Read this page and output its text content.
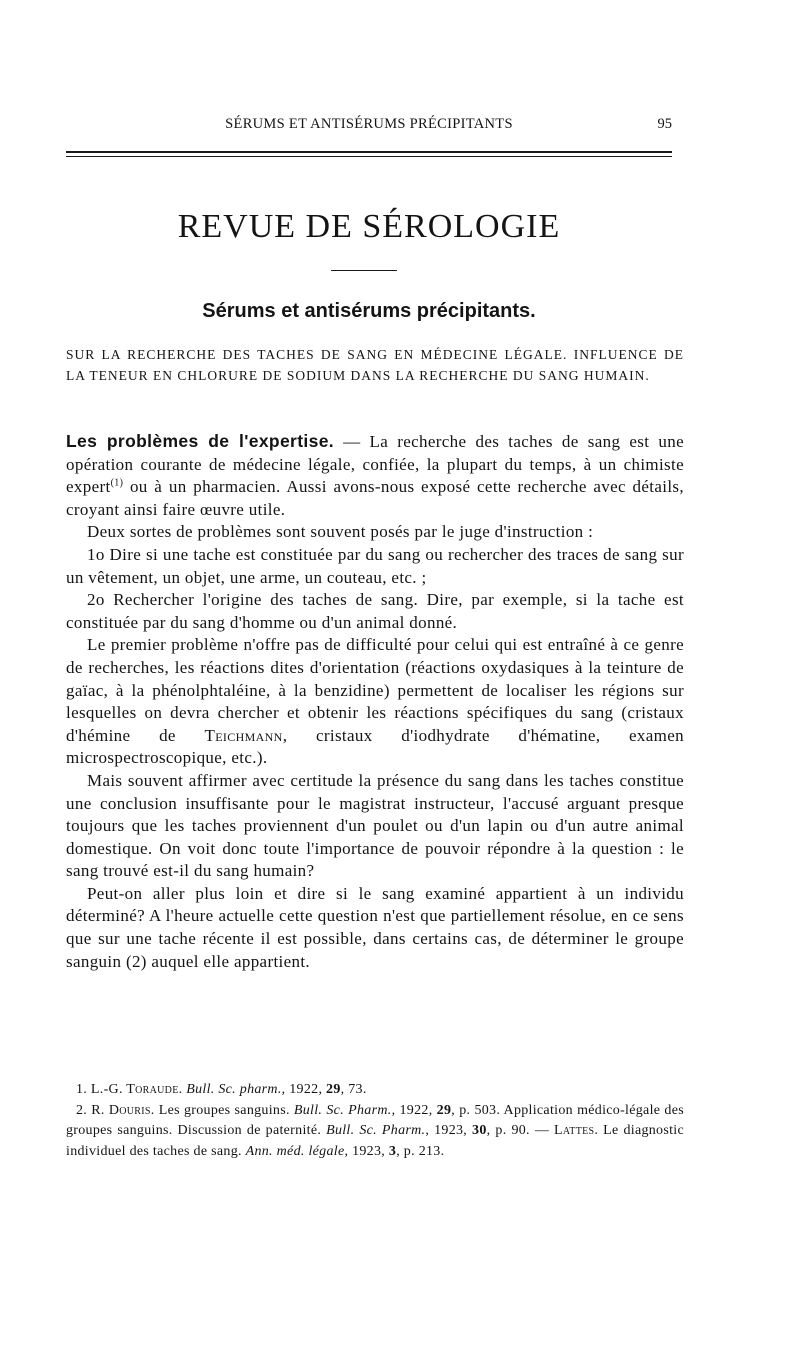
SÉRUMS ET ANTISÉRUMS PRÉCIPITANTS	95
REVUE DE SÉROLOGIE
Sérums et antisérums précipitants.
SUR LA RECHERCHE DES TACHES DE SANG EN MÉDECINE LÉGALE. INFLUENCE DE LA TENEUR EN CHLORURE DE SODIUM DANS LA RECHERCHE DU SANG HUMAIN.

Les problèmes de l'expertise. — La recherche des taches de sang est une opération courante de médecine légale, confiée, la plupart du temps, à un chimiste expert$^{(1)}$ ou à un pharmacien. Aussi avons-nous exposé cette recherche avec détails, croyant ainsi faire œuvre utile.

Deux sortes de problèmes sont souvent posés par le juge d'instruction :

1o Dire si une tache est constituée par du sang ou rechercher des traces de sang sur un vêtement, un objet, une arme, un couteau, etc. ;

2o Rechercher l'origine des taches de sang. Dire, par exemple, si la tache est constituée par du sang d'homme ou d'un animal donné.

Le premier problème n'offre pas de difficulté pour celui qui est entraîné à ce genre de recherches, les réactions dites d'orientation (réactions oxydasiques à la teinture de gaïac, à la phénolphtaléine, à la benzidine) permettent de localiser les régions sur lesquelles on devra chercher et obtenir les réactions spécifiques du sang (cristaux d'hémine de Teichmann, cristaux d'iodhydrate d'hématine, examen microspectroscopique, etc.).

Mais souvent affirmer avec certitude la présence du sang dans les taches constitue une conclusion insuffisante pour le magistrat instructeur, l'accusé arguant presque toujours que les taches proviennent d'un poulet ou d'un lapin ou d'un autre animal domestique. On voit donc toute l'importance de pouvoir répondre à la question : le sang trouvé est-il du sang humain?

Peut-on aller plus loin et dire si le sang examiné appartient à un individu déterminé? A l'heure actuelle cette question n'est que partiellement résolue, en ce sens que sur une tache récente il est possible, dans certains cas, de déterminer le groupe sanguin (2) auquel elle appartient.

1. L.-G. Toraude. Bull. Sc. pharm., 1922, 29, 73.

2. R. Douris. Les groupes sanguins. Bull. Sc. Pharm., 1922, 29, p. 503. Application médico-légale des groupes sanguins. Discussion de paternité. Bull. Sc. Pharm., 1923, 30, p. 90. — Lattes. Le diagnostic individuel des taches de sang. Ann. méd. légale, 1923, 3, p. 213.
